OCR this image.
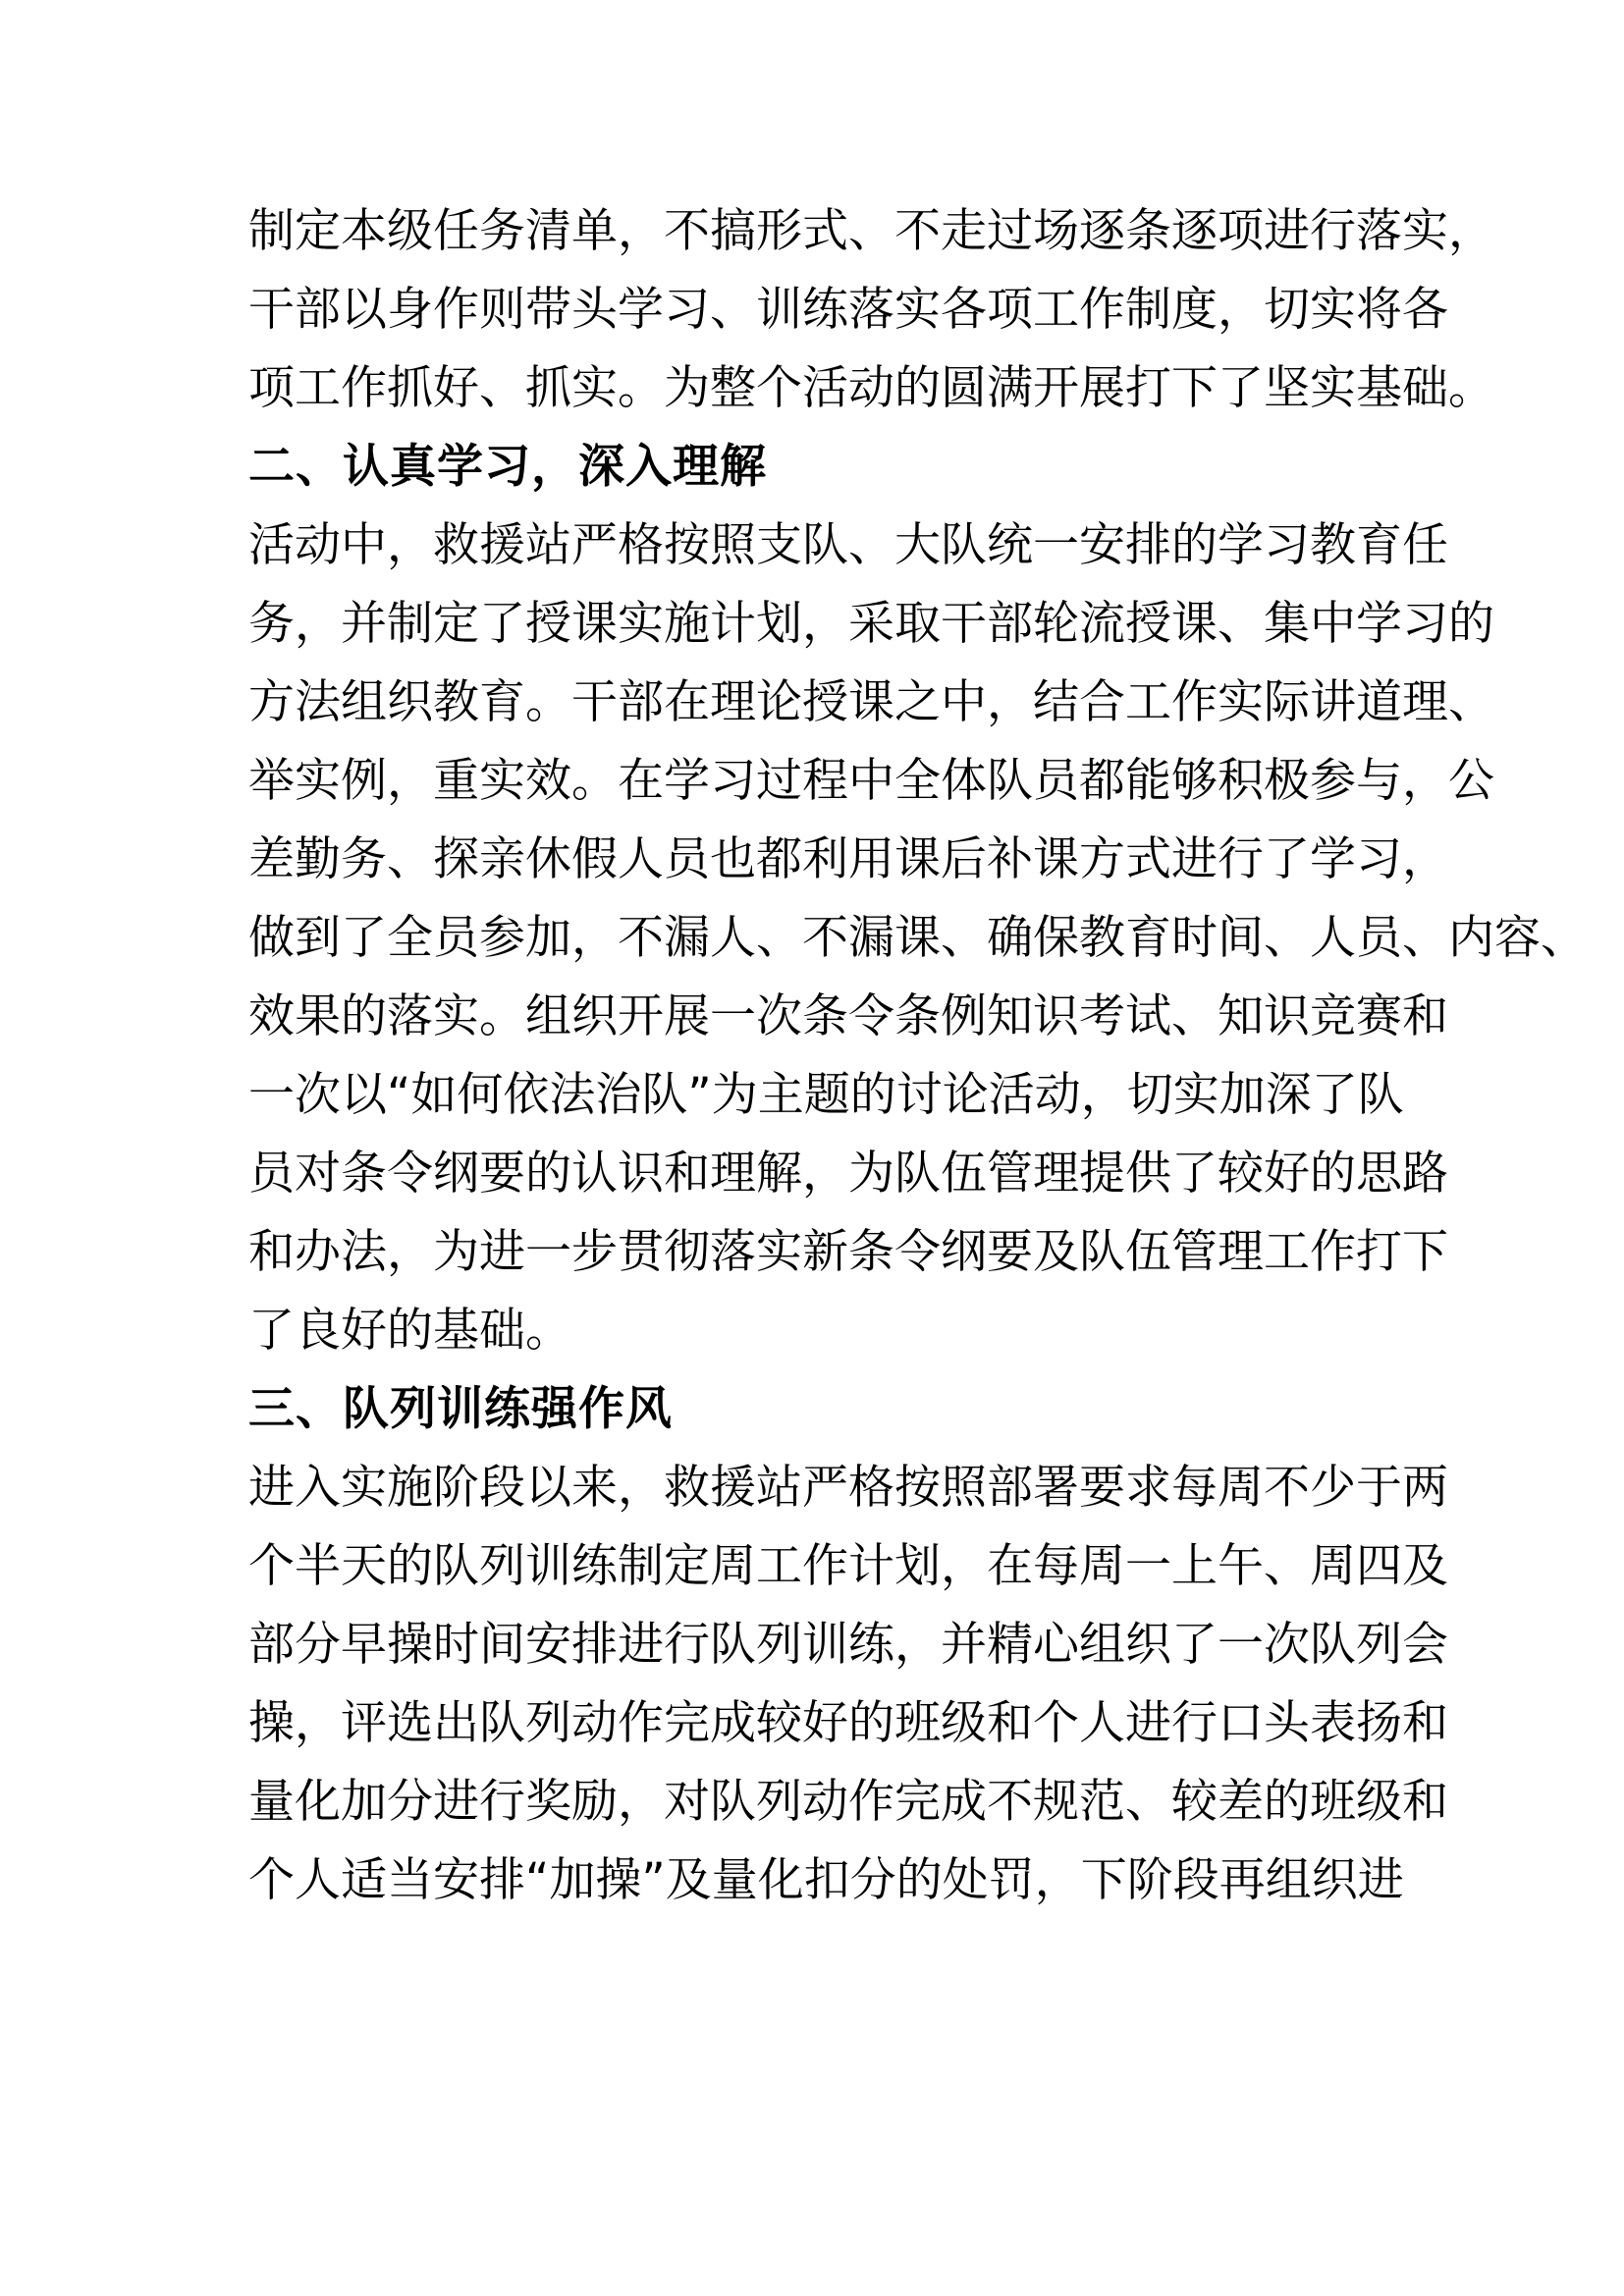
制定本级任务清单，不搞形式、不走过场逐条逐项进行落实，
干部以身作则带头学习、训练落实各项工作制度，切实将各
项工作抓好、抓实。为整个活动的圆满开展打下了坚实基础。

二、认真学习，深入理解

活动中，救援站严格按照支队、大队统一安排的学习教育任
务，并制定了授课实施计划，采取干部轮流授课、集中学习的
方法组织教育。干部在理论授课之中，结合工作实际讲道理、
举实例，重实效。在学习过程中全体队员都能够积极参与，公
差勤务、探亲休假人员也都利用课后补课方式进行了学习，
做到了全员参加，不漏人、不漏课、确保教育时间、人员、内容、
效果的落实。组织开展一次条令条例知识考试、知识竞赛和
一次以“如何依法治队”为主题的讨论活动，切实加深了队
员对条令纲要的认识和理解，为队伍管理提供了较好的思路
和办法，为进一步贯彻落实新条令纲要及队伍管理工作打下
了良好的基础。

三、队列训练强作风

进入实施阶段以来，救援站严格按照部署要求每周不少于两
个半天的队列训练制定周工作计划，在每周一上午、周四及
部分早操时间安排进行队列训练，并精心组织了一次队列会
操，评选出队列动作完成较好的班级和个人进行口头表扬和
量化加分进行奖励，对队列动作完成不规范、较差的班级和
个人适当安排“加操”及量化扣分的处罚，下阶段再组织进
